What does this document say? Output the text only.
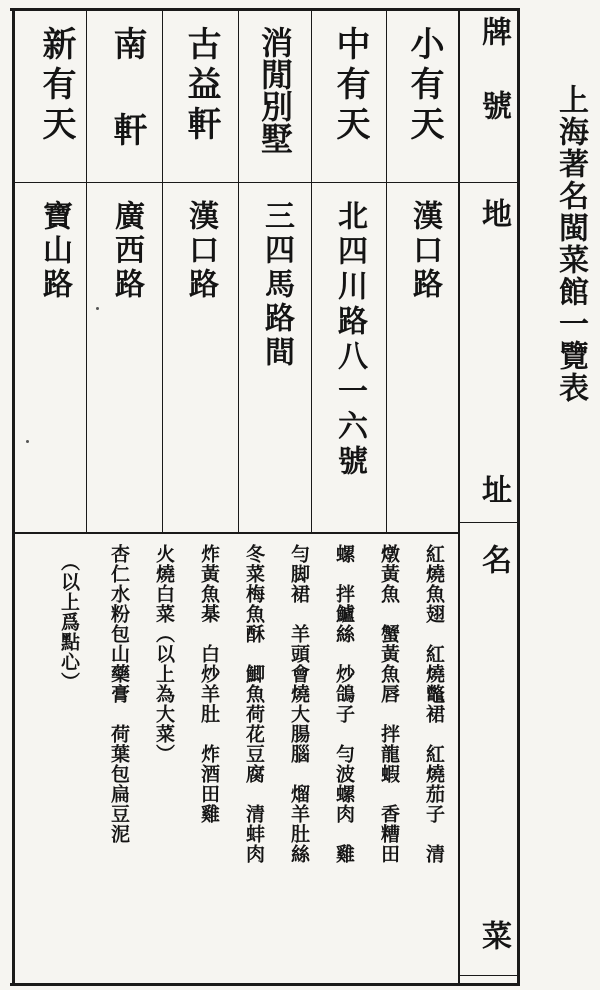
牌
號
地
址
名
菜
小有天
中有天
消閒別墅
古益軒
南 軒
新有天
漢口路
北四川路八一六號
三四馬路間
漢口路
廣西路
寶山路
紅燒魚翅　紅燒鼈裙　紅燒茄子　清
燉黃魚　蟹黃魚唇　拌龍蝦　香糟田
螺　拌鱸絲　炒鴿子　勻波螺肉　雞
勻脚裙　羊頭會燒大腸腦　熘羊肚絲
冬菜梅魚酥　鯽魚荷花豆腐　清蚌肉
炸黃魚棊　白炒羊肚　炸酒田雞
火燒白菜（以上為大菜）
杏仁水粉包山藥膏　荷葉包扁豆泥
（以上爲點心）
上海著名閩菜館一覽表
